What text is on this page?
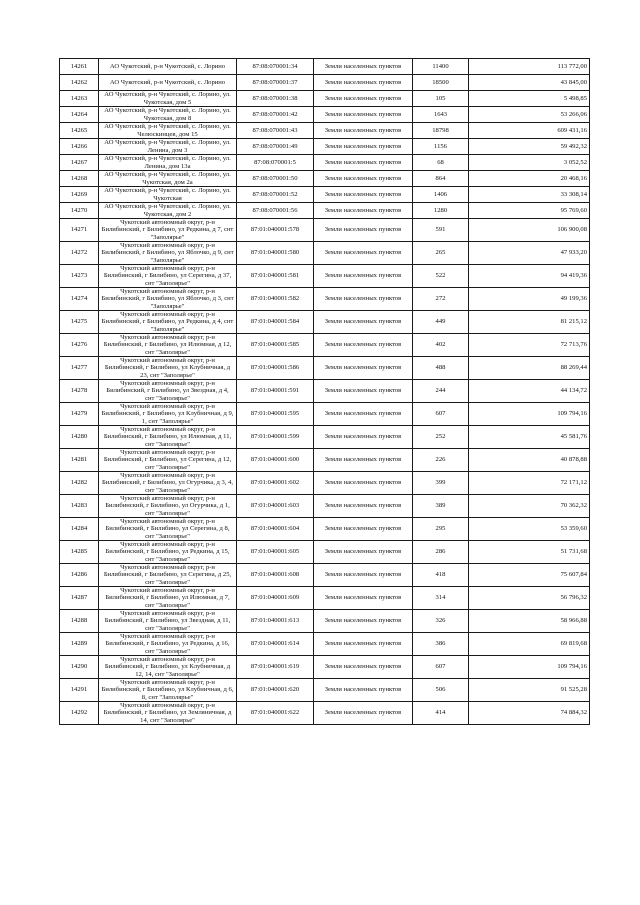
14261	АО Чукотский, р-н Чукотский, с. Лорино	87:08:070001:34	Земли населенных пунктов	11400	113 772,00
14262	АО Чукотский, р-н Чукотский, с. Лорино	87:08:070001:37	Земли населенных пунктов	18500	43 845,00
14263	АО Чукотский, р-н Чукотский, с. Лорино, ул. Чукотская, дом 5	87:08:070001:38	Земли населенных пунктов	105	5 498,85
14264	АО Чукотский, р-н Чукотский, с. Лорино, ул. Чукотская, дом 8	87:08:070001:42	Земли населенных пунктов	1643	53 266,06
14265	АО Чукотский, р-н Чукотский, с. Лорино, ул. Челюскинцев, дом 15	87:08:070001:43	Земли населенных пунктов	18798	609 431,16
14266	АО Чукотский, р-н Чукотский, с. Лорино, ул. Ленина, дом 3	87:08:070001:49	Земли населенных пунктов	1156	59 492,32
14267	АО Чукотский, р-н Чукотский, с. Лорино, ул. Ленина, дом 13а	87:08:070001:5	Земли населенных пунктов	68	3 052,52
14268	АО Чукотский, р-н Чукотский, с. Лорино, ул. Чукотская, дом 2а	87:08:070001:50	Земли населенных пунктов	864	20 468,16
14269	АО Чукотский, р-н Чукотский, с. Лорино, ул. Чукотская	87:08:070001:52	Земли населенных пунктов	1406	33 308,14
14270	АО Чукотский, р-н Чукотский, с. Лорино, ул. Чукотская, дом 2	87:08:070001:56	Земли населенных пунктов	1280	95 769,60
14271	Чукотский автономный округ, р-н Билибинский, г Билибино, ул Редкина, д 7, снт "Заполярье"	87:01:040001:578	Земли населенных пунктов	591	106 900,08
14272	Чукотский автономный округ, р-н Билибинский, г Билибино, ул Яблочко, д 9, снт "Заполярье"	87:01:040001:580	Земли населенных пунктов	265	47 933,20
14273	Чукотский автономный округ, р-н Билибинский, г Билибино, ул Серегина, д 37, снт "Заполярье"	87:01:040001:581	Земли населенных пунктов	522	94 419,36
14274	Чукотский автономный округ, р-н Билибинский, г Билибино, ул Яблочко, д 3, снт "Заполярье"	87:01:040001:582	Земли населенных пунктов	272	49 199,36
14275	Чукотский автономный округ, р-н Билибинский, г Билибино, ул Редкина, д 4, снт "Заполярье"	87:01:040001:584	Земли населенных пунктов	449	81 215,12
14276	Чукотский автономный округ, р-н Билибинский, г Билибино, ул Илюмная, д 12, снт "Заполярье"	87:01:040001:585	Земли населенных пунктов	402	72 713,76
14277	Чукотский автономный округ, р-н Билибинский, г Билибино, ул Клубничная, д 23, снт "Заполярье"	87:01:040001:586	Земли населенных пунктов	488	88 269,44
14278	Чукотский автономный округ, р-н Билибинский, г Билибино, ул Звездная, д 4, снт "Заполярье"	87:01:040001:591	Земли населенных пунктов	244	44 134,72
14279	Чукотский автономный округ, р-н Билибинский, г Билибино, ул Клубничная, д 9, 1, снт "Заполярье"	87:01:040001:595	Земли населенных пунктов	607	109 794,16
14280	Чукотский автономный округ, р-н Билибинский, г Билибино, ул Илюмная, д 11, снт "Заполярье"	87:01:040001:599	Земли населенных пунктов	252	45 581,76
14281	Чукотский автономный округ, р-н Билибинский, г Билибино, ул Серегина, д 12, снт "Заполярье"	87:01:040001:600	Земли населенных пунктов	226	40 878,88
14282	Чукотский автономный округ, р-н Билибинский, г Билибино, ул Огурчика, д 3, 4, снт "Заполярье"	87:01:040001:602	Земли населенных пунктов	399	72 171,12
14283	Чукотский автономный округ, р-н Билибинский, г Билибино, ул Огурчика, д 1, снт "Заполярье"	87:01:040001:603	Земли населенных пунктов	389	70 362,32
14284	Чукотский автономный округ, р-н Билибинский, г Билибино, ул Серегина, д 8, снт "Заполярье"	87:01:040001:604	Земли населенных пунктов	295	53 359,60
14285	Чукотский автономный округ, р-н Билибинский, г Билибино, ул Редкина, д 15, снт "Заполярье"	87:01:040001:605	Земли населенных пунктов	286	51 731,68
14286	Чукотский автономный округ, р-н Билибинский, г Билибино, ул Серегина, д 25, снт "Заполярье"	87:01:040001:608	Земли населенных пунктов	418	75 607,84
14287	Чукотский автономный округ, р-н Билибинский, г Билибино, ул Илюмная, д 7, снт "Заполярье"	87:01:040001:609	Земли населенных пунктов	314	56 796,32
14288	Чукотский автономный округ, р-н Билибинский, г Билибино, ул Звездная, д 11, снт "Заполярье"	87:01:040001:613	Земли населенных пунктов	326	58 966,88
14289	Чукотский автономный округ, р-н Билибинский, г Билибино, ул Редкина, д 16, снт "Заполярье"	87:01:040001:614	Земли населенных пунктов	386	69 819,68
14290	Чукотский автономный округ, р-н Билибинский, г Билибино, ул Клубничная, д 12, 14, снт "Заполярье"	87:01:040001:619	Земли населенных пунктов	607	109 794,16
14291	Чукотский автономный округ, р-н Билибинский, г Билибино, ул Клубничная, д 6, 8, снт "Заполярье"	87:01:040001:620	Земли населенных пунктов	506	91 525,28
14292	Чукотский автономный округ, р-н Билибинский, г Билибино, ул Земляничная, д 14, снт "Заполярье"	87:01:040001:622	Земли населенных пунктов	414	74 884,32
